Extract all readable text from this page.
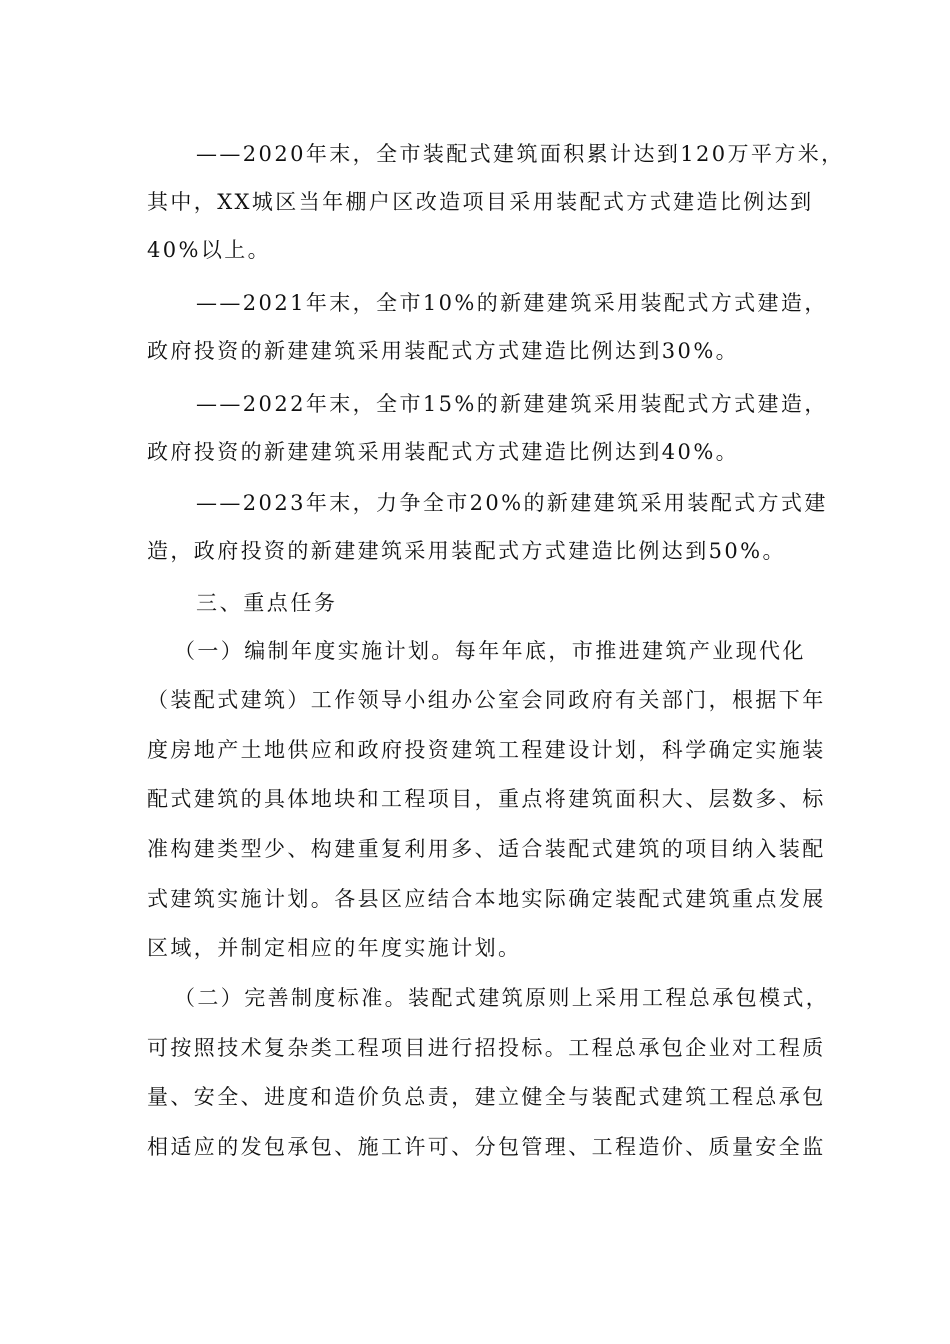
——2020年末，全市装配式建筑面积累计达到120万平方米，

其中，XX城区当年棚户区改造项目采用装配式方式建造比例达到

40%以上。

——2021年末，全市10%的新建建筑采用装配式方式建造，

政府投资的新建建筑采用装配式方式建造比例达到30%。

——2022年末，全市15%的新建建筑采用装配式方式建造，

政府投资的新建建筑采用装配式方式建造比例达到40%。

——2023年末，力争全市20%的新建建筑采用装配式方式建

造，政府投资的新建建筑采用装配式方式建造比例达到50%。

三、重点任务

（一）编制年度实施计划。每年年底，市推进建筑产业现代化

（装配式建筑）工作领导小组办公室会同政府有关部门，根据下年

度房地产土地供应和政府投资建筑工程建设计划，科学确定实施装

配式建筑的具体地块和工程项目，重点将建筑面积大、层数多、标

准构建类型少、构建重复利用多、适合装配式建筑的项目纳入装配

式建筑实施计划。各县区应结合本地实际确定装配式建筑重点发展

区域，并制定相应的年度实施计划。

（二）完善制度标准。装配式建筑原则上采用工程总承包模式，

可按照技术复杂类工程项目进行招投标。工程总承包企业对工程质

量、安全、进度和造价负总责，建立健全与装配式建筑工程总承包

相适应的发包承包、施工许可、分包管理、工程造价、质量安全监
